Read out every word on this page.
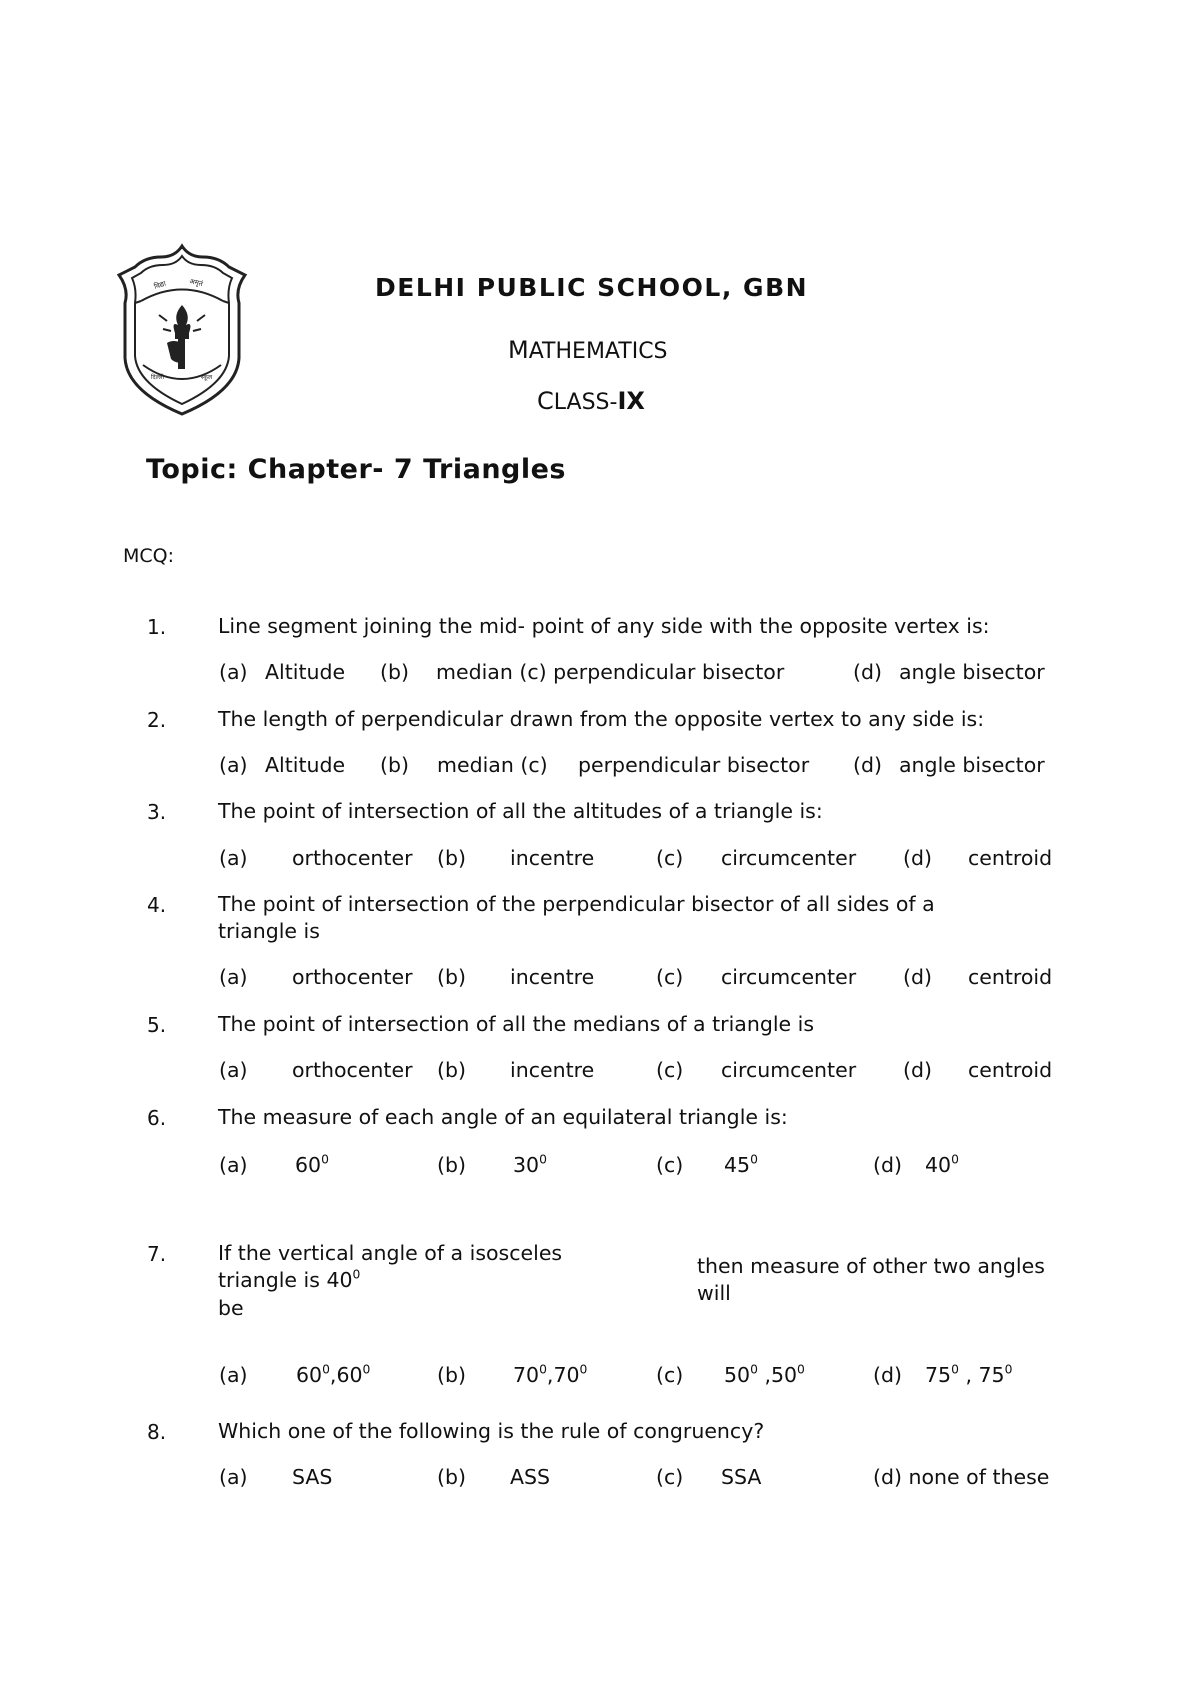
विद्या	अमृतं
दिल्ली	स्कूल
DELHI PUBLIC SCHOOL, GBN
MATHEMATICS
CLASS-IX
Topic: Chapter- 7 Triangles
MCQ:
1.	Line segment joining the mid- point of any side with the opposite vertex is:
(a) Altitude (b) median (c) perpendicular bisector	(d) angle bisector
2.	The length of perpendicular drawn from the opposite vertex to any side is:
(a) Altitude (b) median (c) perpendicular bisector (d) angle bisector
3.	The point of intersection of all the altitudes of a triangle is:
(a) orthocenter (b) incentre	(c) circumcenter (d) centroid
4.	The point of intersection of the perpendicular bisector of all sides of a
triangle is
(a) orthocenter (b) incentre	(c) circumcenter (d) centroid
5.	The point of intersection of all the medians of a triangle is
(a) orthocenter (b) incentre	(c) circumcenter (d) centroid
6.	The measure of each angle of an equilateral triangle is:
(a) $60^0$	(b) $30^0$	(c) $45^0$	(d) $40^0$
7.	If the vertical angle of a isosceles
triangle is $40^0$
be
then measure of other two angles
will
(a) $60^0,60^0$	(b) $70^0,70^0$	(c) $50^0$ $,50^0$	(d) $75^0$ , $75^0$
8.	Which one of the following is the rule of congruency?
(a) SAS	(b) ASS	(c) SSA	(d) none of these
